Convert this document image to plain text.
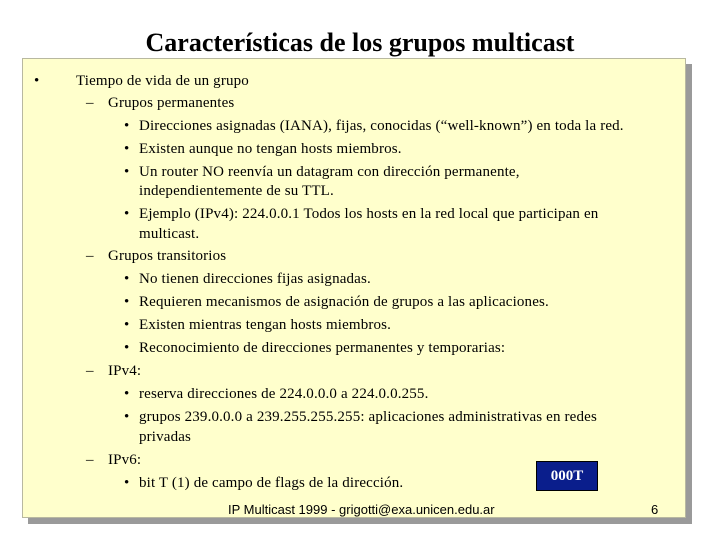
Características de los grupos multicast
• Tiempo de vida de un grupo
– Grupos permanentes
• Direcciones asignadas (IANA), fijas, conocidas (“well-known”) en toda la red.
• Existen aunque no tengan hosts miembros.
• Un router NO reenvía un datagram con dirección permanente,
independientemente de su TTL.
• Ejemplo (IPv4): 224.0.0.1 Todos los hosts en la red local que participan en
multicast.
– Grupos transitorios
• No tienen direcciones fijas asignadas.
• Requieren mecanismos de asignación de grupos a las aplicaciones.
• Existen mientras tengan hosts miembros.
• Reconocimiento de direcciones permanentes y temporarias:
– IPv4:
• reserva direcciones de 224.0.0.0 a 224.0.0.255.
• grupos 239.0.0.0 a 239.255.255.255: aplicaciones administrativas en redes
privadas
– IPv6:
• bit T (1) de campo de flags de la dirección.	000T
IP Multicast 1999 - grigotti@exa.unicen.edu.ar	6
